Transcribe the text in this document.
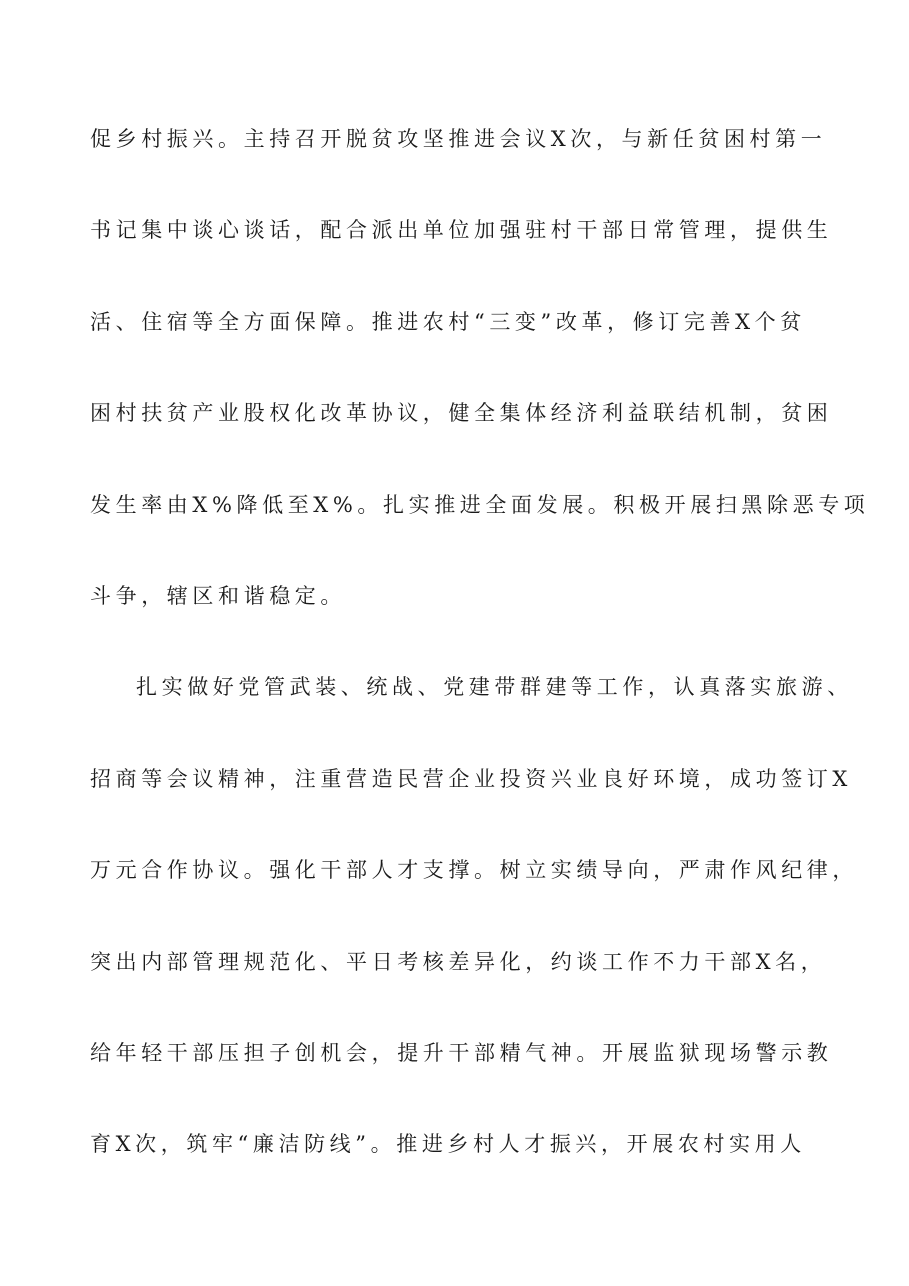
促乡村振兴。主持召开脱贫攻坚推进会议X次，与新任贫困村第一
书记集中谈心谈话，配合派出单位加强驻村干部日常管理，提供生
活、住宿等全方面保障。推进农村“三变”改革，修订完善X个贫
困村扶贫产业股权化改革协议，健全集体经济利益联结机制，贫困
发生率由X%降低至X%。扎实推进全面发展。积极开展扫黑除恶专项
斗争，辖区和谐稳定。
扎实做好党管武装、统战、党建带群建等工作，认真落实旅游、
招商等会议精神，注重营造民营企业投资兴业良好环境，成功签订X
万元合作协议。强化干部人才支撑。树立实绩导向，严肃作风纪律，
突出内部管理规范化、平日考核差异化，约谈工作不力干部X名，
给年轻干部压担子创机会，提升干部精气神。开展监狱现场警示教
育X次，筑牢“廉洁防线”。推进乡村人才振兴，开展农村实用人
